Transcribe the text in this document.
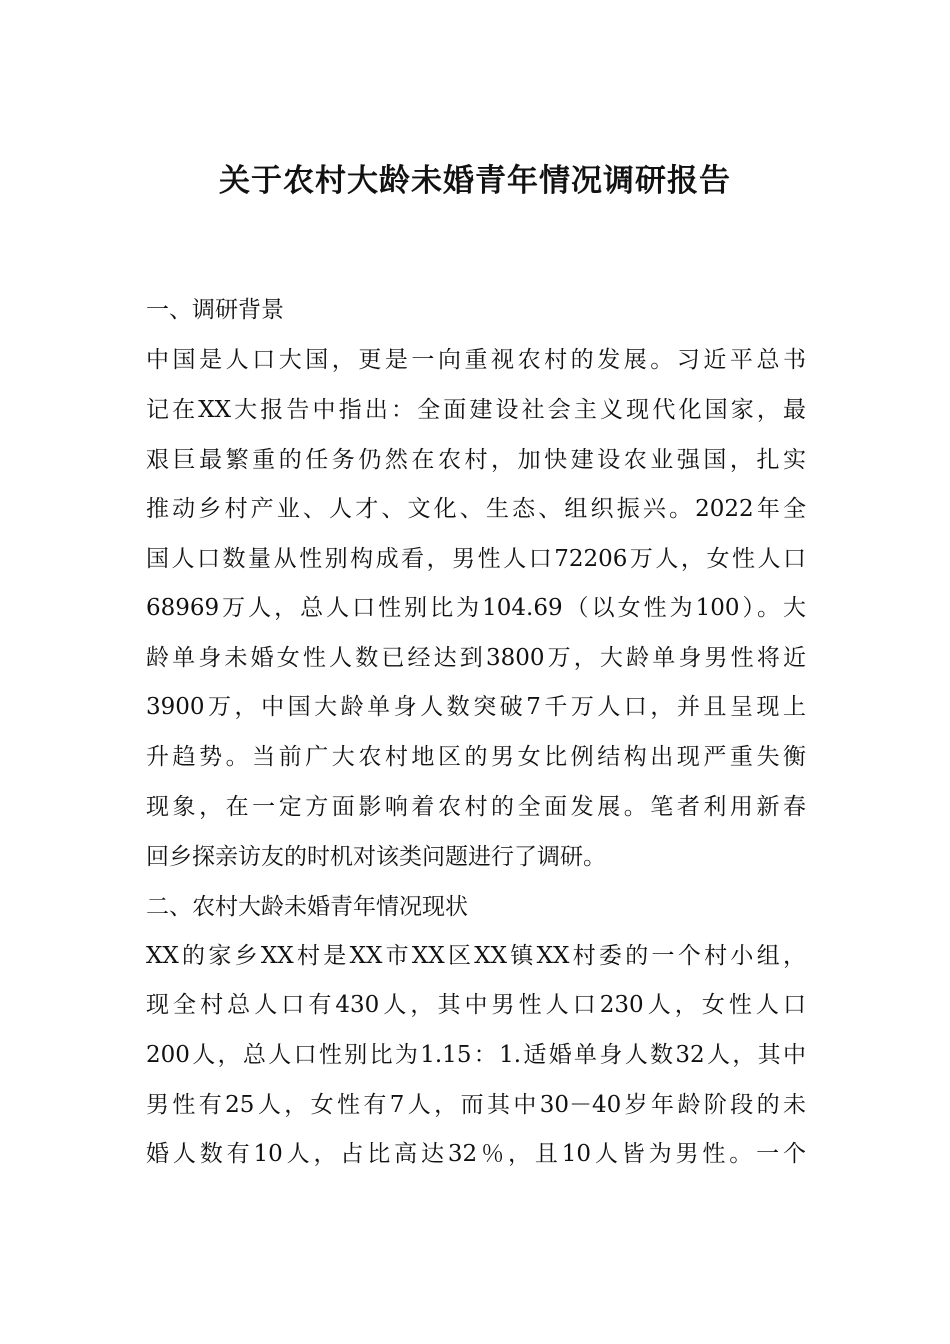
关于农村大龄未婚青年情况调研报告

一、调研背景

中国是人口大国，更是一向重视农村的发展。习近平总书

记在XX大报告中指出：全面建设社会主义现代化国家，最

艰巨最繁重的任务仍然在农村，加快建设农业强国，扎实

推动乡村产业、人才、文化、生态、组织振兴。2022年全

国人口数量从性别构成看，男性人口72206万人，女性人口

68969万人，总人口性别比为104.69（以女性为100）。大

龄单身未婚女性人数已经达到3800万，大龄单身男性将近

3900万，中国大龄单身人数突破7千万人口，并且呈现上

升趋势。当前广大农村地区的男女比例结构出现严重失衡

现象，在一定方面影响着农村的全面发展。笔者利用新春

回乡探亲访友的时机对该类问题进行了调研。

二、农村大龄未婚青年情况现状

XX的家乡XX村是XX市XX区XX镇XX村委的一个村小组，

现全村总人口有430人，其中男性人口230人，女性人口

200人，总人口性别比为1.15：1.适婚单身人数32人，其中

男性有25人，女性有7人，而其中30－40岁年龄阶段的未

婚人数有10人，占比高达32％，且10人皆为男性。一个
